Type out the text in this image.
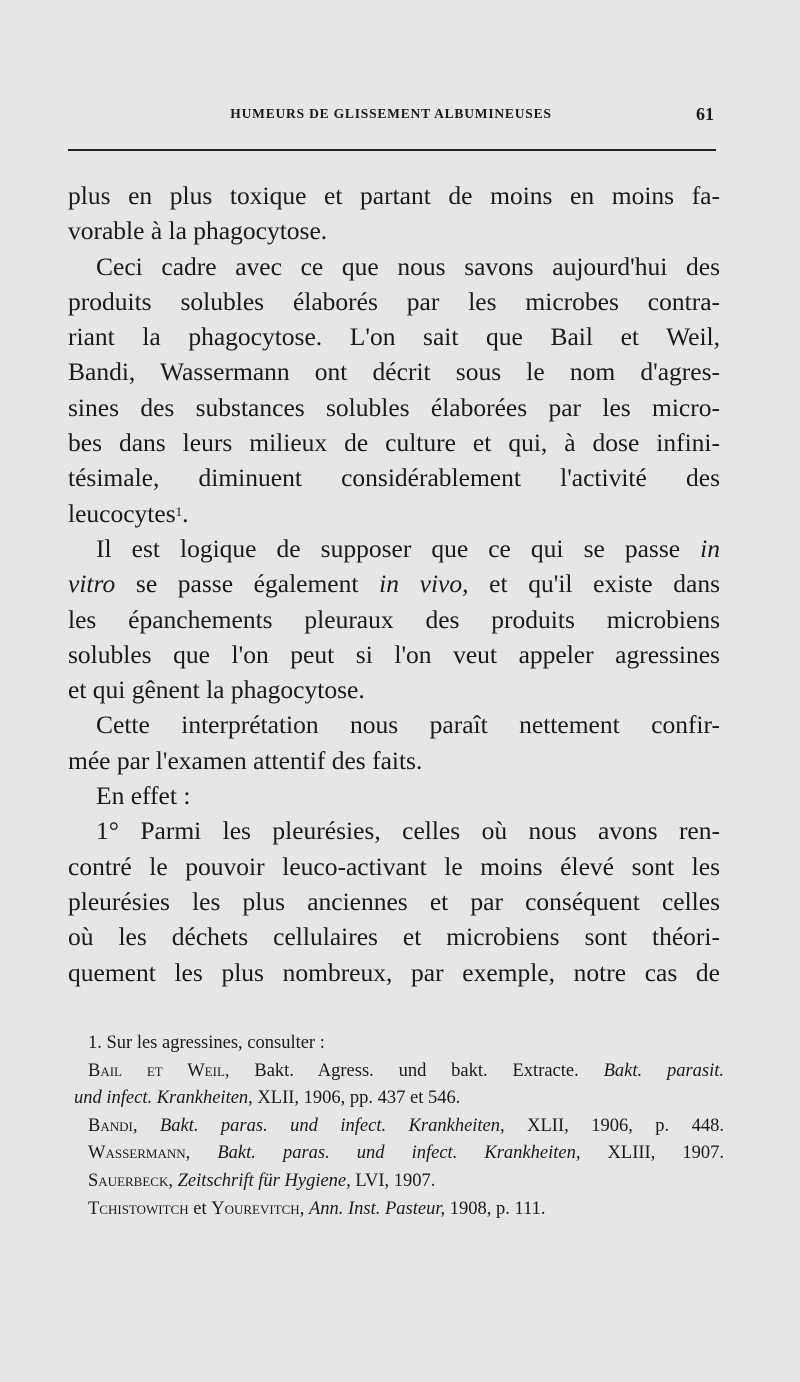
HUMEURS DE GLISSEMENT ALBUMINEUSES	61
plus en plus toxique et partant de moins en moins fa-
vorable à la phagocytose.
Ceci cadre avec ce que nous savons aujourd'hui des
produits solubles élaborés par les microbes contra-
riant la phagocytose. L'on sait que Bail et Weil,
Bandi, Wassermann ont décrit sous le nom d'agres-
sines des substances solubles élaborées par les micro-
bes dans leurs milieux de culture et qui, à dose infini-
tésimale, diminuent considérablement l'activité des
leucocytes$^1$.
Il est logique de supposer que ce qui se passe in
vitro se passe également in vivo, et qu'il existe dans
les épanchements pleuraux des produits microbiens
solubles que l'on peut si l'on veut appeler agressines
et qui gênent la phagocytose.
Cette interprétation nous paraît nettement confir-
mée par l'examen attentif des faits.
En effet :
1° Parmi les pleurésies, celles où nous avons ren-
contré le pouvoir leuco-activant le moins élevé sont les
pleurésies les plus anciennes et par conséquent celles
où les déchets cellulaires et microbiens sont théori-
quement les plus nombreux, par exemple, notre cas de
1. Sur les agressines, consulter :
Bail et Weil, Bakt. Agress. und bakt. Extracte. Bakt. parasit.
und infect. Krankheiten, XLII, 1906, pp. 437 et 546.
Bandi, Bakt. paras. und infect. Krankheiten, XLII, 1906, p. 448.
Wassermann, Bakt. paras. und infect. Krankheiten, XLIII, 1907.
Sauerbeck, Zeitschrift für Hygiene, LVI, 1907.
Tchistowitch et Yourevitch, Ann. Inst. Pasteur, 1908, p. 111.
